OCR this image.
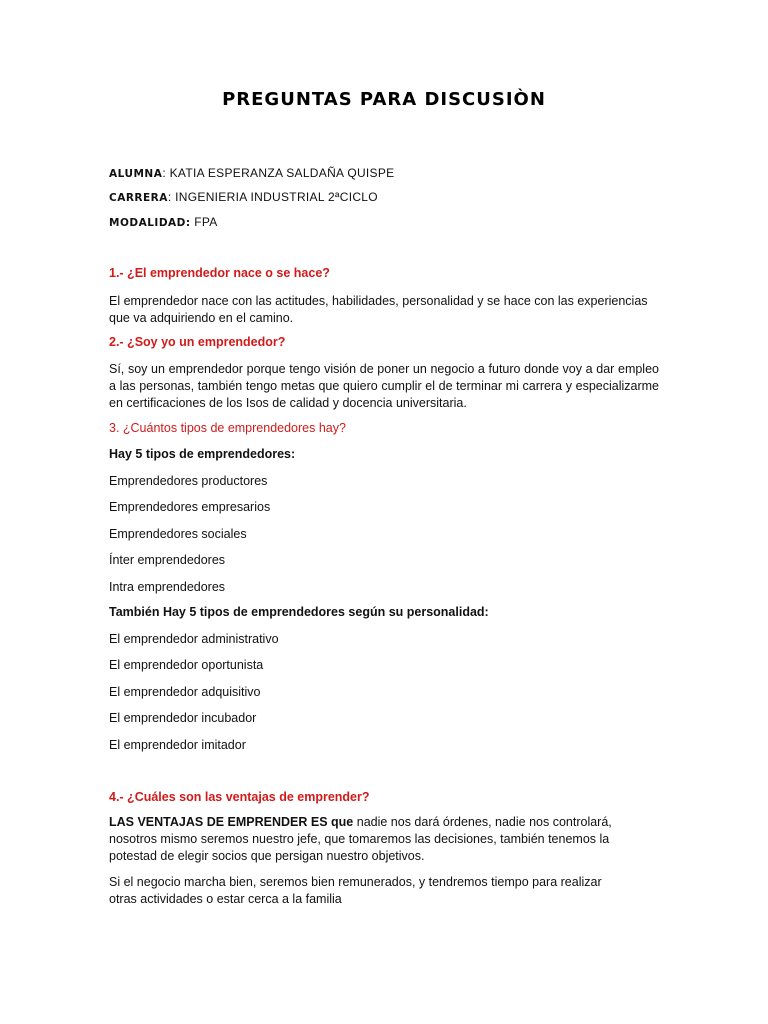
PREGUNTAS PARA DISCUSIÒN

ALUMNA: KATIA ESPERANZA SALDAÑA QUISPE

CARRERA: INGENIERIA INDUSTRIAL 2ªCICLO

MODALIDAD: FPA

1.- ¿El emprendedor nace o se hace?

El emprendedor nace con las actitudes, habilidades, personalidad y se hace con las experiencias que va adquiriendo en el camino.

2.- ¿Soy yo un emprendedor?

Sí, soy un emprendedor porque tengo visión de poner un negocio a futuro donde voy a dar empleo a las personas, también tengo metas que quiero cumplir el de terminar mi carrera y especializarme en certificaciones de los Isos de calidad y docencia universitaria.

3. ¿Cuántos tipos de emprendedores hay?

Hay 5 tipos de emprendedores:

Emprendedores productores

Emprendedores empresarios

Emprendedores sociales

Ínter emprendedores

Intra emprendedores

También Hay 5 tipos de emprendedores según su personalidad:

El emprendedor administrativo

El emprendedor oportunista

El emprendedor adquisitivo

El emprendedor incubador

El emprendedor imitador

4.- ¿Cuáles son las ventajas de emprender?

LAS VENTAJAS DE EMPRENDER ES que nadie nos dará órdenes, nadie nos controlará, nosotros mismo seremos nuestro jefe, que tomaremos las decisiones, también tenemos la potestad de elegir socios que persigan nuestro objetivos.

Si el negocio marcha bien, seremos bien remunerados, y tendremos tiempo para realizar otras actividades o estar cerca a la familia
